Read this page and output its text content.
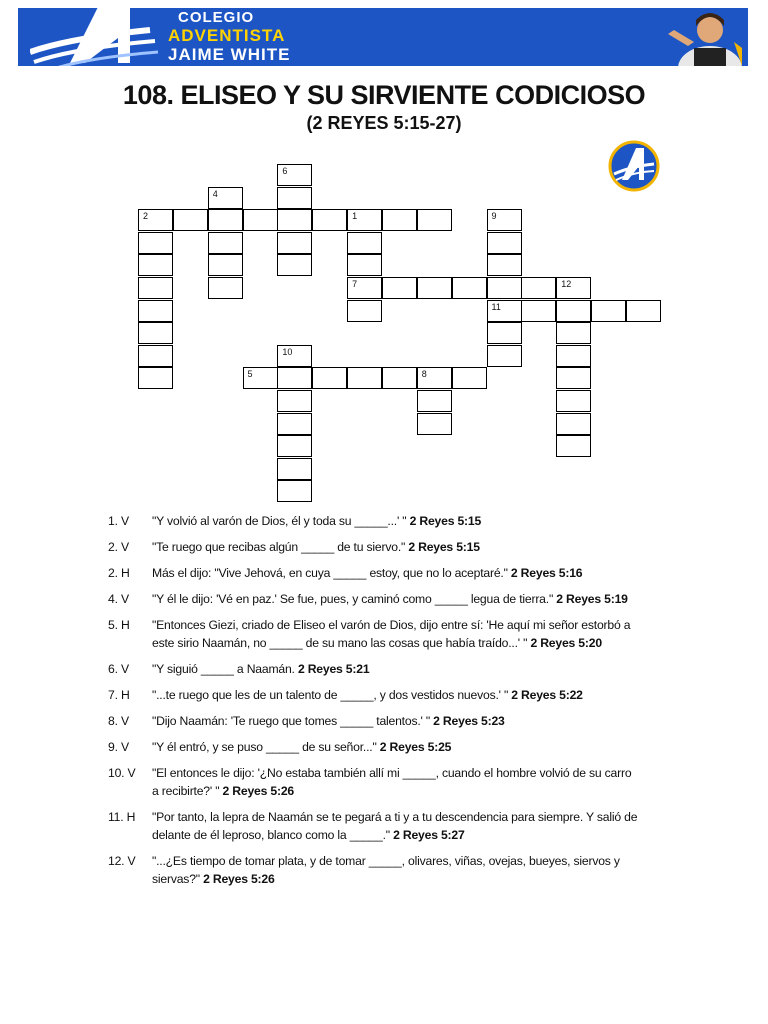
COLEGIO
ADVENTISTA
JAIME WHITE
108. ELISEO Y SU SIRVIENTE CODICIOSO
(2 REYES 5:15-27)
1
2
4
5
6
7
8
9
10
11
12
1. V	"Y volvió al varón de Dios, él y toda su _____...' " 2 Reyes 5:15
2. V	"Te ruego que recibas algún _____ de tu siervo." 2 Reyes 5:15
2. H	Más el dijo: "Vive Jehová, en cuya _____ estoy, que no lo aceptaré." 2 Reyes 5:16
4. V	"Y él le dijo: 'Vé en paz.' Se fue, pues, y caminó como _____ legua de tierra." 2 Reyes 5:19
5. H	"Entonces Giezi, criado de Eliseo el varón de Dios, dijo entre sí: 'He aquí mi señor estorbó a este sirio Naamán, no _____ de su mano las cosas que había traído...' " 2 Reyes 5:20
6. V	"Y siguió _____ a Naamán. 2 Reyes 5:21
7. H	"...te ruego que les de un talento de _____, y dos vestidos nuevos.' " 2 Reyes 5:22
8. V	"Dijo Naamán: 'Te ruego que tomes _____ talentos.' " 2 Reyes 5:23
9. V	"Y él entró, y se puso _____ de su señor..." 2 Reyes 5:25
10. V	"El entonces le dijo: '¿No estaba también allí mi _____, cuando el hombre volvió de su carro a recibirte?' " 2 Reyes 5:26
11. H	"Por tanto, la lepra de Naamán se te pegará a ti y a tu descendencia para siempre. Y salió de delante de él leproso, blanco como la _____." 2 Reyes 5:27
12. V	"...¿Es tiempo de tomar plata, y de tomar _____, olivares, viñas, ovejas, bueyes, siervos y siervas?" 2 Reyes 5:26
